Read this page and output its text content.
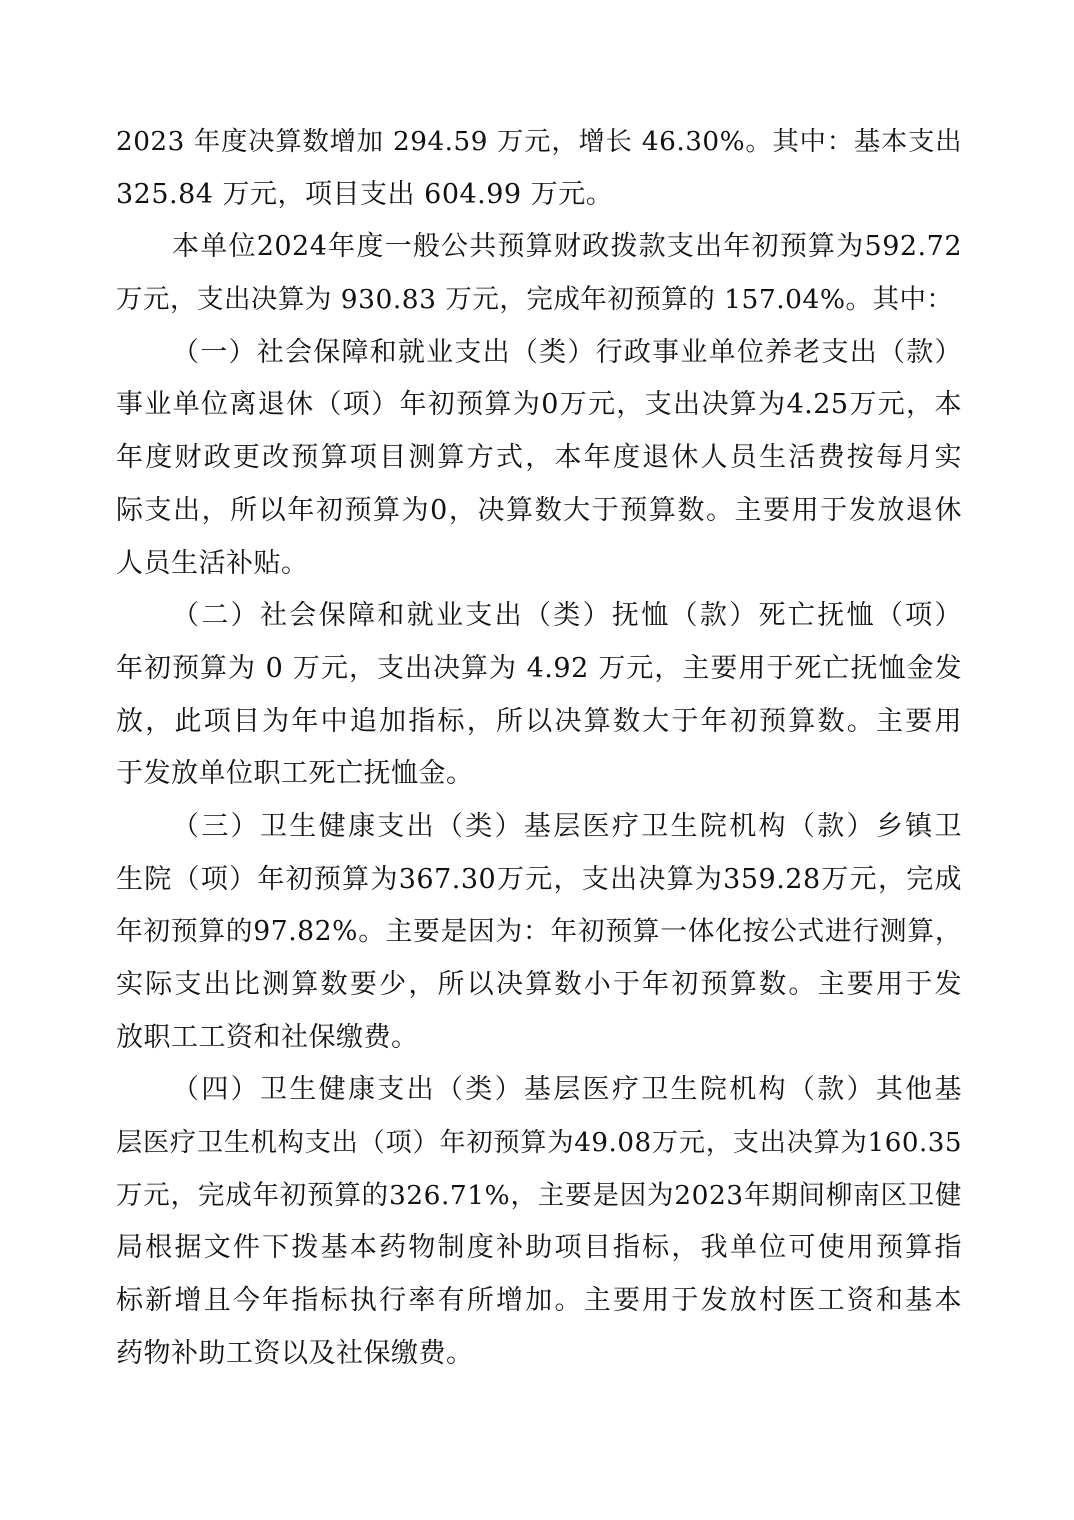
2023 年度决算数增加 294.59 万元，增长 46.30%。其中：基本支出
325.84 万元，项目支出 604.99 万元。
本单位2024年度一般公共预算财政拨款支出年初预算为592.72
万元，支出决算为 930.83 万元，完成年初预算的 157.04%。其中：
（一）社会保障和就业支出（类）行政事业单位养老支出（款）
事业单位离退休（项）年初预算为0万元，支出决算为4.25万元，本
年度财政更改预算项目测算方式，本年度退休人员生活费按每月实
际支出，所以年初预算为0，决算数大于预算数。主要用于发放退休
人员生活补贴。
（二）社会保障和就业支出（类）抚恤（款）死亡抚恤（项）
年初预算为 0 万元，支出决算为 4.92 万元，主要用于死亡抚恤金发
放，此项目为年中追加指标，所以决算数大于年初预算数。主要用
于发放单位职工死亡抚恤金。
（三）卫生健康支出（类）基层医疗卫生院机构（款）乡镇卫
生院（项）年初预算为367.30万元，支出决算为359.28万元，完成
年初预算的97.82%。主要是因为：年初预算一体化按公式进行测算，
实际支出比测算数要少，所以决算数小于年初预算数。主要用于发
放职工工资和社保缴费。
（四）卫生健康支出（类）基层医疗卫生院机构（款）其他基
层医疗卫生机构支出（项）年初预算为49.08万元，支出决算为160.35
万元，完成年初预算的326.71%，主要是因为2023年期间柳南区卫健
局根据文件下拨基本药物制度补助项目指标，我单位可使用预算指
标新增且今年指标执行率有所增加。主要用于发放村医工资和基本
药物补助工资以及社保缴费。
